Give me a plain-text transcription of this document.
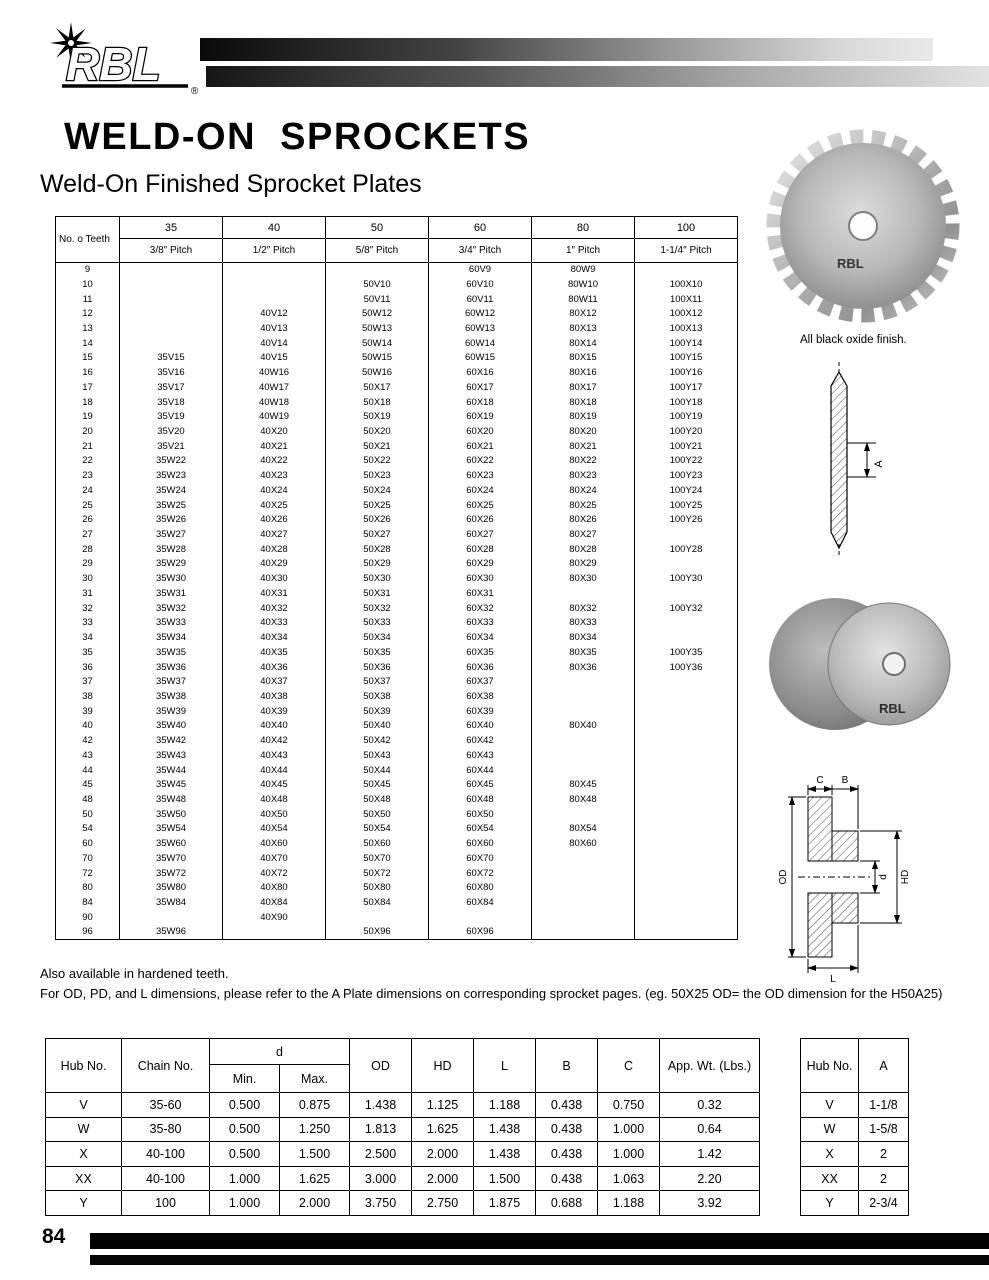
RBL
®
WELD-ON  SPROCKETS
Weld-On Finished Sprocket Plates
No. o Teeth	35	40	50	60	80	100
	3/8″ Pitch	1/2″ Pitch	5/8″ Pitch	3/4″ Pitch	1″ Pitch	1-1/4″ Pitch
9				60V9	80W9	
10			50V10	60V10	80W10	100X10
11			50V11	60V11	80W11	100X11
12		40V12	50W12	60W12	80X12	100X12
13		40V13	50W13	60W13	80X13	100X13
14		40V14	50W14	60W14	80X14	100Y14
15	35V15	40V15	50W15	60W15	80X15	100Y15
16	35V16	40W16	50W16	60X16	80X16	100Y16
17	35V17	40W17	50X17	60X17	80X17	100Y17
18	35V18	40W18	50X18	60X18	80X18	100Y18
19	35V19	40W19	50X19	60X19	80X19	100Y19
20	35V20	40X20	50X20	60X20	80X20	100Y20
21	35V21	40X21	50X21	60X21	80X21	100Y21
22	35W22	40X22	50X22	60X22	80X22	100Y22
23	35W23	40X23	50X23	60X23	80X23	100Y23
24	35W24	40X24	50X24	60X24	80X24	100Y24
25	35W25	40X25	50X25	60X25	80X25	100Y25
26	35W26	40X26	50X26	60X26	80X26	100Y26
27	35W27	40X27	50X27	60X27	80X27	
28	35W28	40X28	50X28	60X28	80X28	100Y28
29	35W29	40X29	50X29	60X29	80X29	
30	35W30	40X30	50X30	60X30	80X30	100Y30
31	35W31	40X31	50X31	60X31		
32	35W32	40X32	50X32	60X32	80X32	100Y32
33	35W33	40X33	50X33	60X33	80X33	
34	35W34	40X34	50X34	60X34	80X34	
35	35W35	40X35	50X35	60X35	80X35	100Y35
36	35W36	40X36	50X36	60X36	80X36	100Y36
37	35W37	40X37	50X37	60X37		
38	35W38	40X38	50X38	60X38		
39	35W39	40X39	50X39	60X39		
40	35W40	40X40	50X40	60X40	80X40	
42	35W42	40X42	50X42	60X42		
43	35W43	40X43	50X43	60X43		
44	35W44	40X44	50X44	60X44		
45	35W45	40X45	50X45	60X45	80X45	
48	35W48	40X48	50X48	60X48	80X48	
50	35W50	40X50	50X50	60X50		
54	35W54	40X54	50X54	60X54	80X54	
60	35W60	40X60	50X60	60X60	80X60	
70	35W70	40X70	50X70	60X70		
72	35W72	40X72	50X72	60X72		
80	35W80	40X80	50X80	60X80		
84	35W84	40X84	50X84	60X84		
90		40X90				
96	35W96		50X96	60X96		
RBL
All black oxide finish.
A
RBL
C B
OD	d HD
L
Also available in hardened teeth.
For OD, PD, and L dimensions, please refer to the A Plate dimensions on corresponding sprocket pages. (eg. 50X25 OD= the OD dimension for the H50A25)
Hub No.	Chain No.	d		OD	HD	L	B	C	App. Wt. (Lbs.)
		Min.	Max.						
V	35-60	0.500	0.875	1.438	1.125	1.188	0.438	0.750	0.32
W	35-80	0.500	1.250	1.813	1.625	1.438	0.438	1.000	0.64
X	40-100	0.500	1.500	2.500	2.000	1.438	0.438	1.000	1.42
XX	40-100	1.000	1.625	3.000	2.000	1.500	0.438	1.063	2.20
Y	100	1.000	2.000	3.750	2.750	1.875	0.688	1.188	3.92
Hub No.	A
V	1-1/8
W	1-5/8
X	2
XX	2
Y	2-3/4
84
